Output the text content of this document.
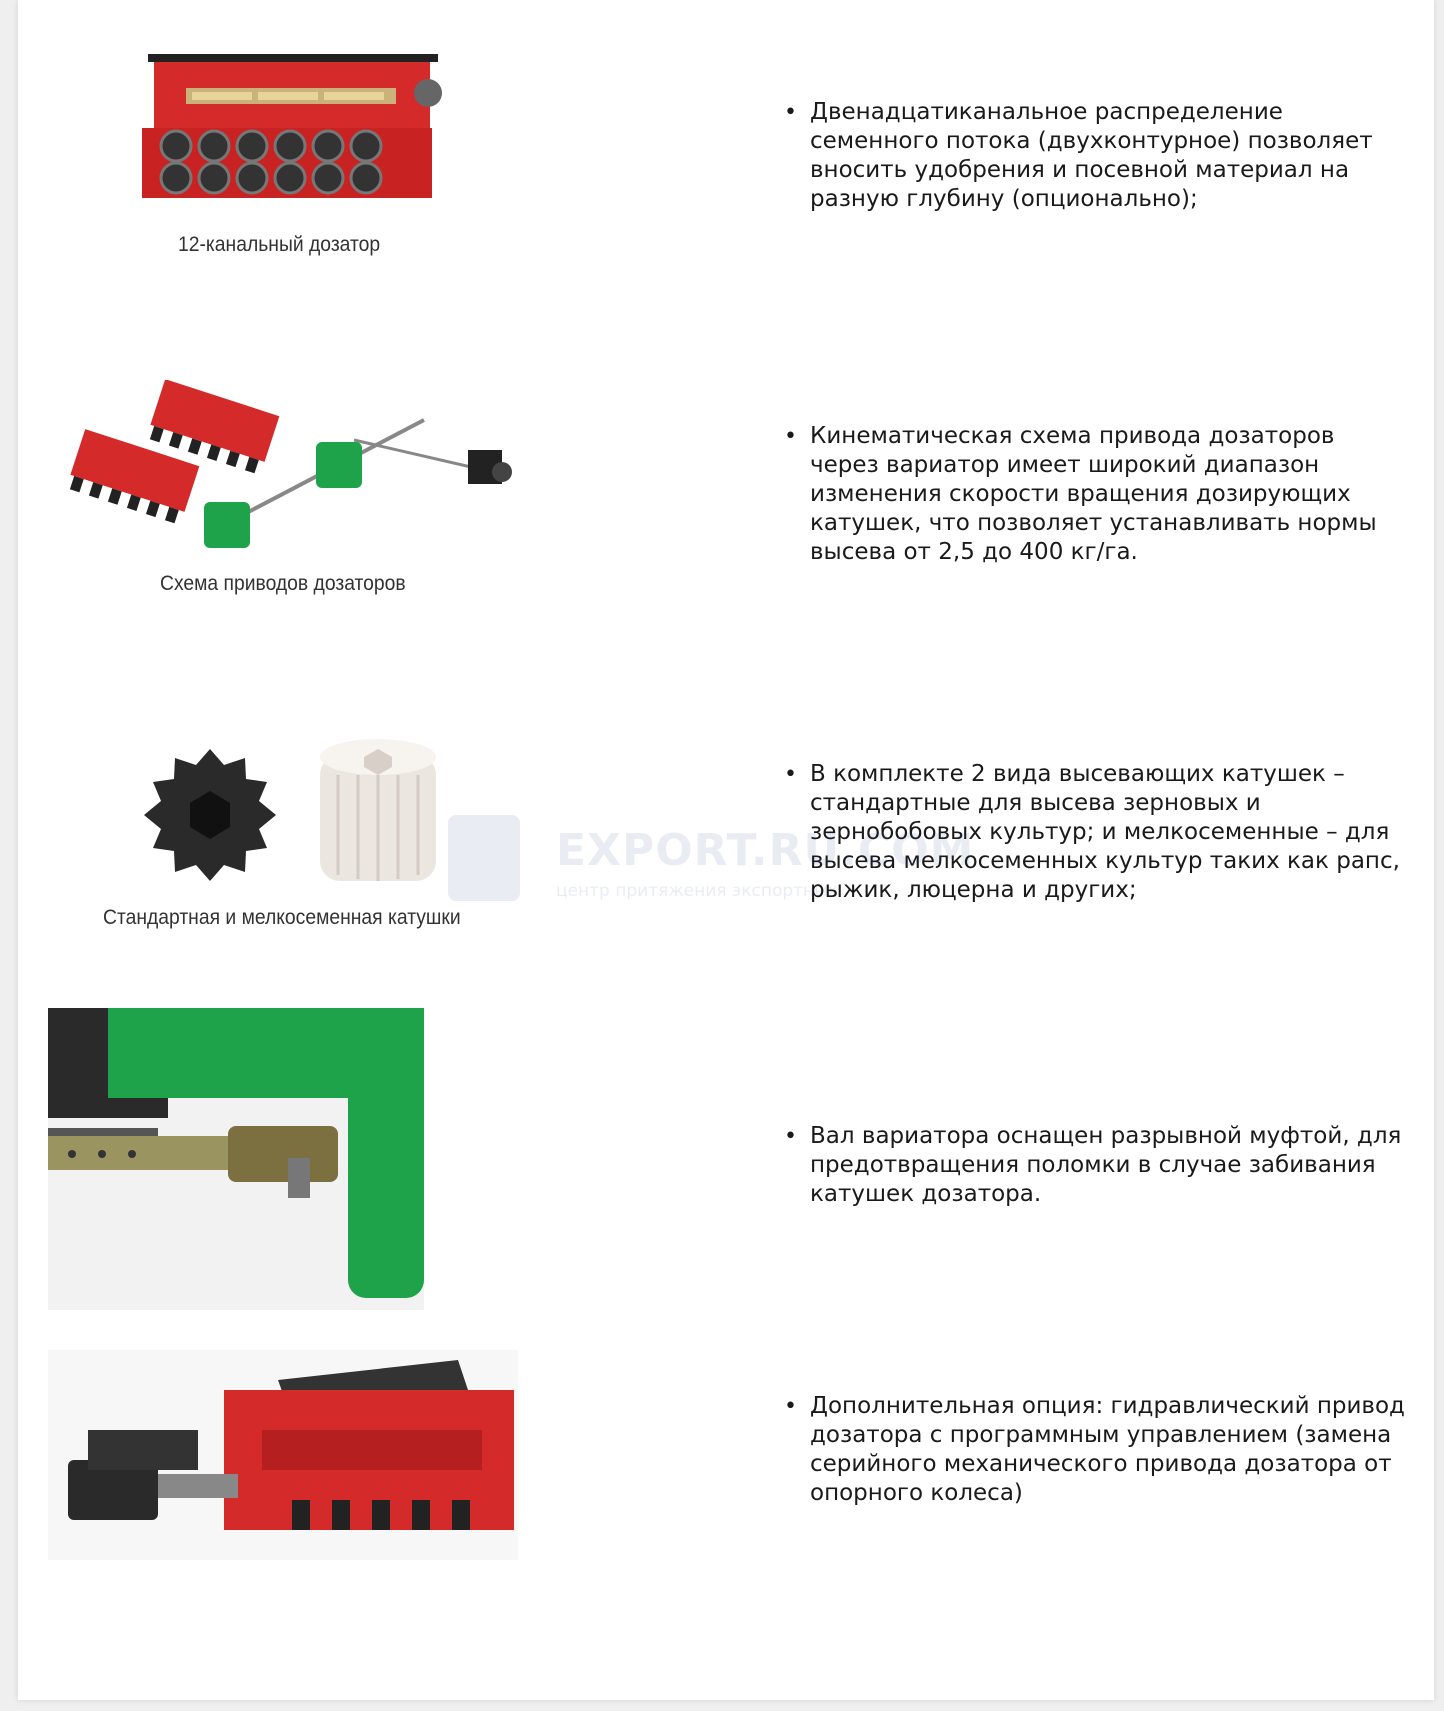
12-канальный дозатор
• Двенадцатиканальное распределение семенного потока (двухконтурное) позволяет вносить удобрения и посевной материал на разную глубину (опционально);
Схема приводов дозаторов
• Кинематическая схема привода дозаторов через вариатор имеет широкий диапазон изменения скорости вращения дозирующих катушек, что позволяет устанавливать нормы высева от 2,5 до 400 кг/га.
Стандартная и мелкосеменная катушки
• В комплекте 2 вида высевающих катушек – стандартные для высева зерновых и зернобобовых культур; и мелкосеменные – для высева мелкосеменных культур таких как рапс, рыжик, люцерна и других;
EXPORT.RU.COM
центр притяжения экспортных
• Вал вариатора оснащен разрывной муфтой, для предотвращения поломки в случае забивания катушек дозатора.
• Дополнительная опция: гидравлический привод дозатора с программным управлением (замена серийного механического привода дозатора от опорного колеса)
